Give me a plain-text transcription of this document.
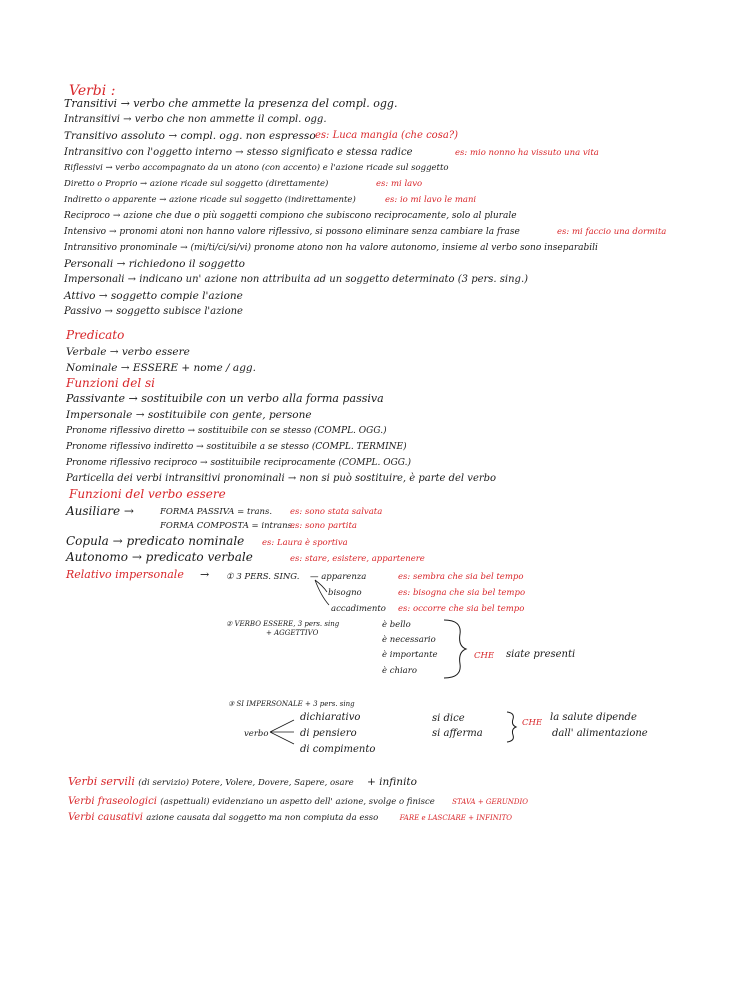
Verbi :
Transitivi → verbo che ammette la presenza del compl. ogg.
Intransitivi → verbo che non ammette il compl. ogg.
Transitivo assoluto → compl. ogg. non espresso es: Luca mangia (che cosa?)
Intransitivo con l'oggetto interno → stesso significato e stessa radice	es: mio nonno ha vissuto una vita
Riflessivi → verbo accompagnato da un atono (con accento) e l'azione ricade sul soggetto
Diretto o Proprio → azione ricade sul soggetto (direttamente)	es: mi lavo
Indiretto o apparente → azione ricade sul soggetto (indirettamente)	es: io mi lavo le mani
Reciproco → azione che due o più soggetti compiono che subiscono reciprocamente, solo al plurale
Intensivo → pronomi atoni non hanno valore riflessivo, si possono eliminare senza cambiare la frase	es: mi faccio una dormita
Intransitivo pronominale → (mi/ti/ci/si/vi) pronome atono non ha valore autonomo, insieme al verbo sono inseparabili
Personali → richiedono il soggetto
Impersonali → indicano un' azione non attribuita ad un soggetto determinato (3 pers. sing.)
Attivo → soggetto compie l'azione
Passivo → soggetto subisce l'azione
Predicato
Verbale → verbo essere
Nominale → ESSERE + nome / agg.
Funzioni del si
Passivante → sostituibile con un verbo alla forma passiva
Impersonale → sostituibile con gente, persone
Pronome riflessivo diretto → sostituibile con se stesso (COMPL. OGG.)
Pronome riflessivo indiretto → sostituibile a se stesso (COMPL. TERMINE)
Pronome riflessivo reciproco → sostituibile reciprocamente (COMPL. OGG.)
Particella dei verbi intransitivi pronominali → non si può sostituire, è parte del verbo
Funzioni del verbo essere
Ausiliare →	FORMA PASSIVA = trans. es: sono stata salvata
FORMA COMPOSTA = intrans.
es: sono partita
Copula → predicato nominale es: Laura è sportiva
Autonomo → predicato verbale	es: stare, esistere, appartenere
Relativo impersonale → ① 3 PERS. SING. — apparenza	es: sembra che sia bel tempo
bisogno	es: bisogna che sia bel tempo
accadimento es: occorre che sia bel tempo
② VERBO ESSERE, 3 pers. sing
+ AGGETTIVO
è bello
è necessario
è importante
è chiaro
CHE siate presenti
③ SI IMPERSONALE + 3 pers. sing
verbo
dichiarativo
di pensiero
di compimento
si dice
si afferma
CHE la salute dipende
dall' alimentazione
Verbi servili (di servizio) Potere, Volere, Dovere, Sapere, osare + infinito
Verbi fraseologici (aspettuali) evidenziano un aspetto dell' azione, svolge o finisce STAVA + GERUNDIO
Verbi causativi azione causata dal soggetto ma non compiuta da esso	FARE e LASCIARE + INFINITO
